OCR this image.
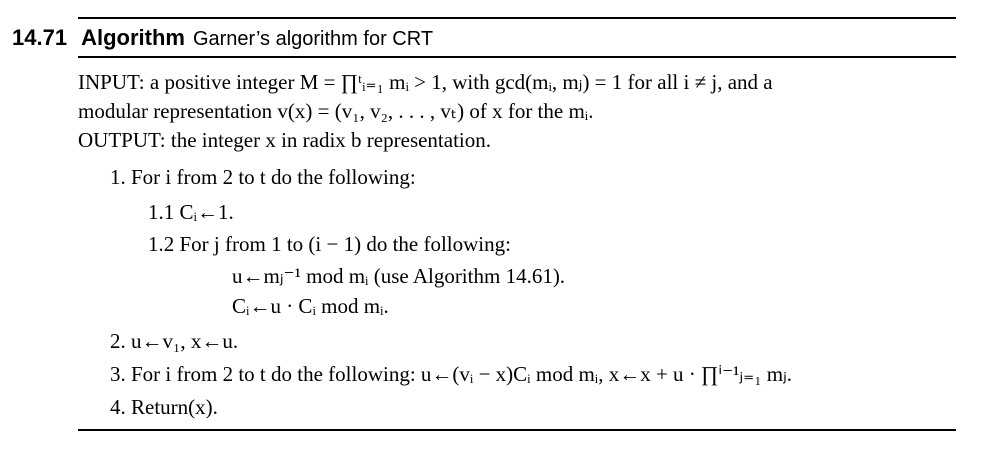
14.71 Algorithm Garner’s algorithm for CRT
INPUT: a positive integer M = ∏ᵗᵢ₌₁ mᵢ > 1, with gcd(mᵢ, mⱼ) = 1 for all i ≠ j, and a
modular representation v(x) = (v₁, v₂, . . . , vₜ) of x for the mᵢ.
OUTPUT: the integer x in radix b representation.
1. For i from 2 to t do the following:
1.1 Cᵢ←1.
1.2 For j from 1 to (i − 1) do the following:
u←mⱼ⁻¹ mod mᵢ (use Algorithm 14.61).
Cᵢ←u · Cᵢ mod mᵢ.
2. u←v₁, x←u.
3. For i from 2 to t do the following: u←(vᵢ − x)Cᵢ mod mᵢ, x←x + u · ∏ⁱ⁻¹ⱼ₌₁ mⱼ.
4. Return(x).
